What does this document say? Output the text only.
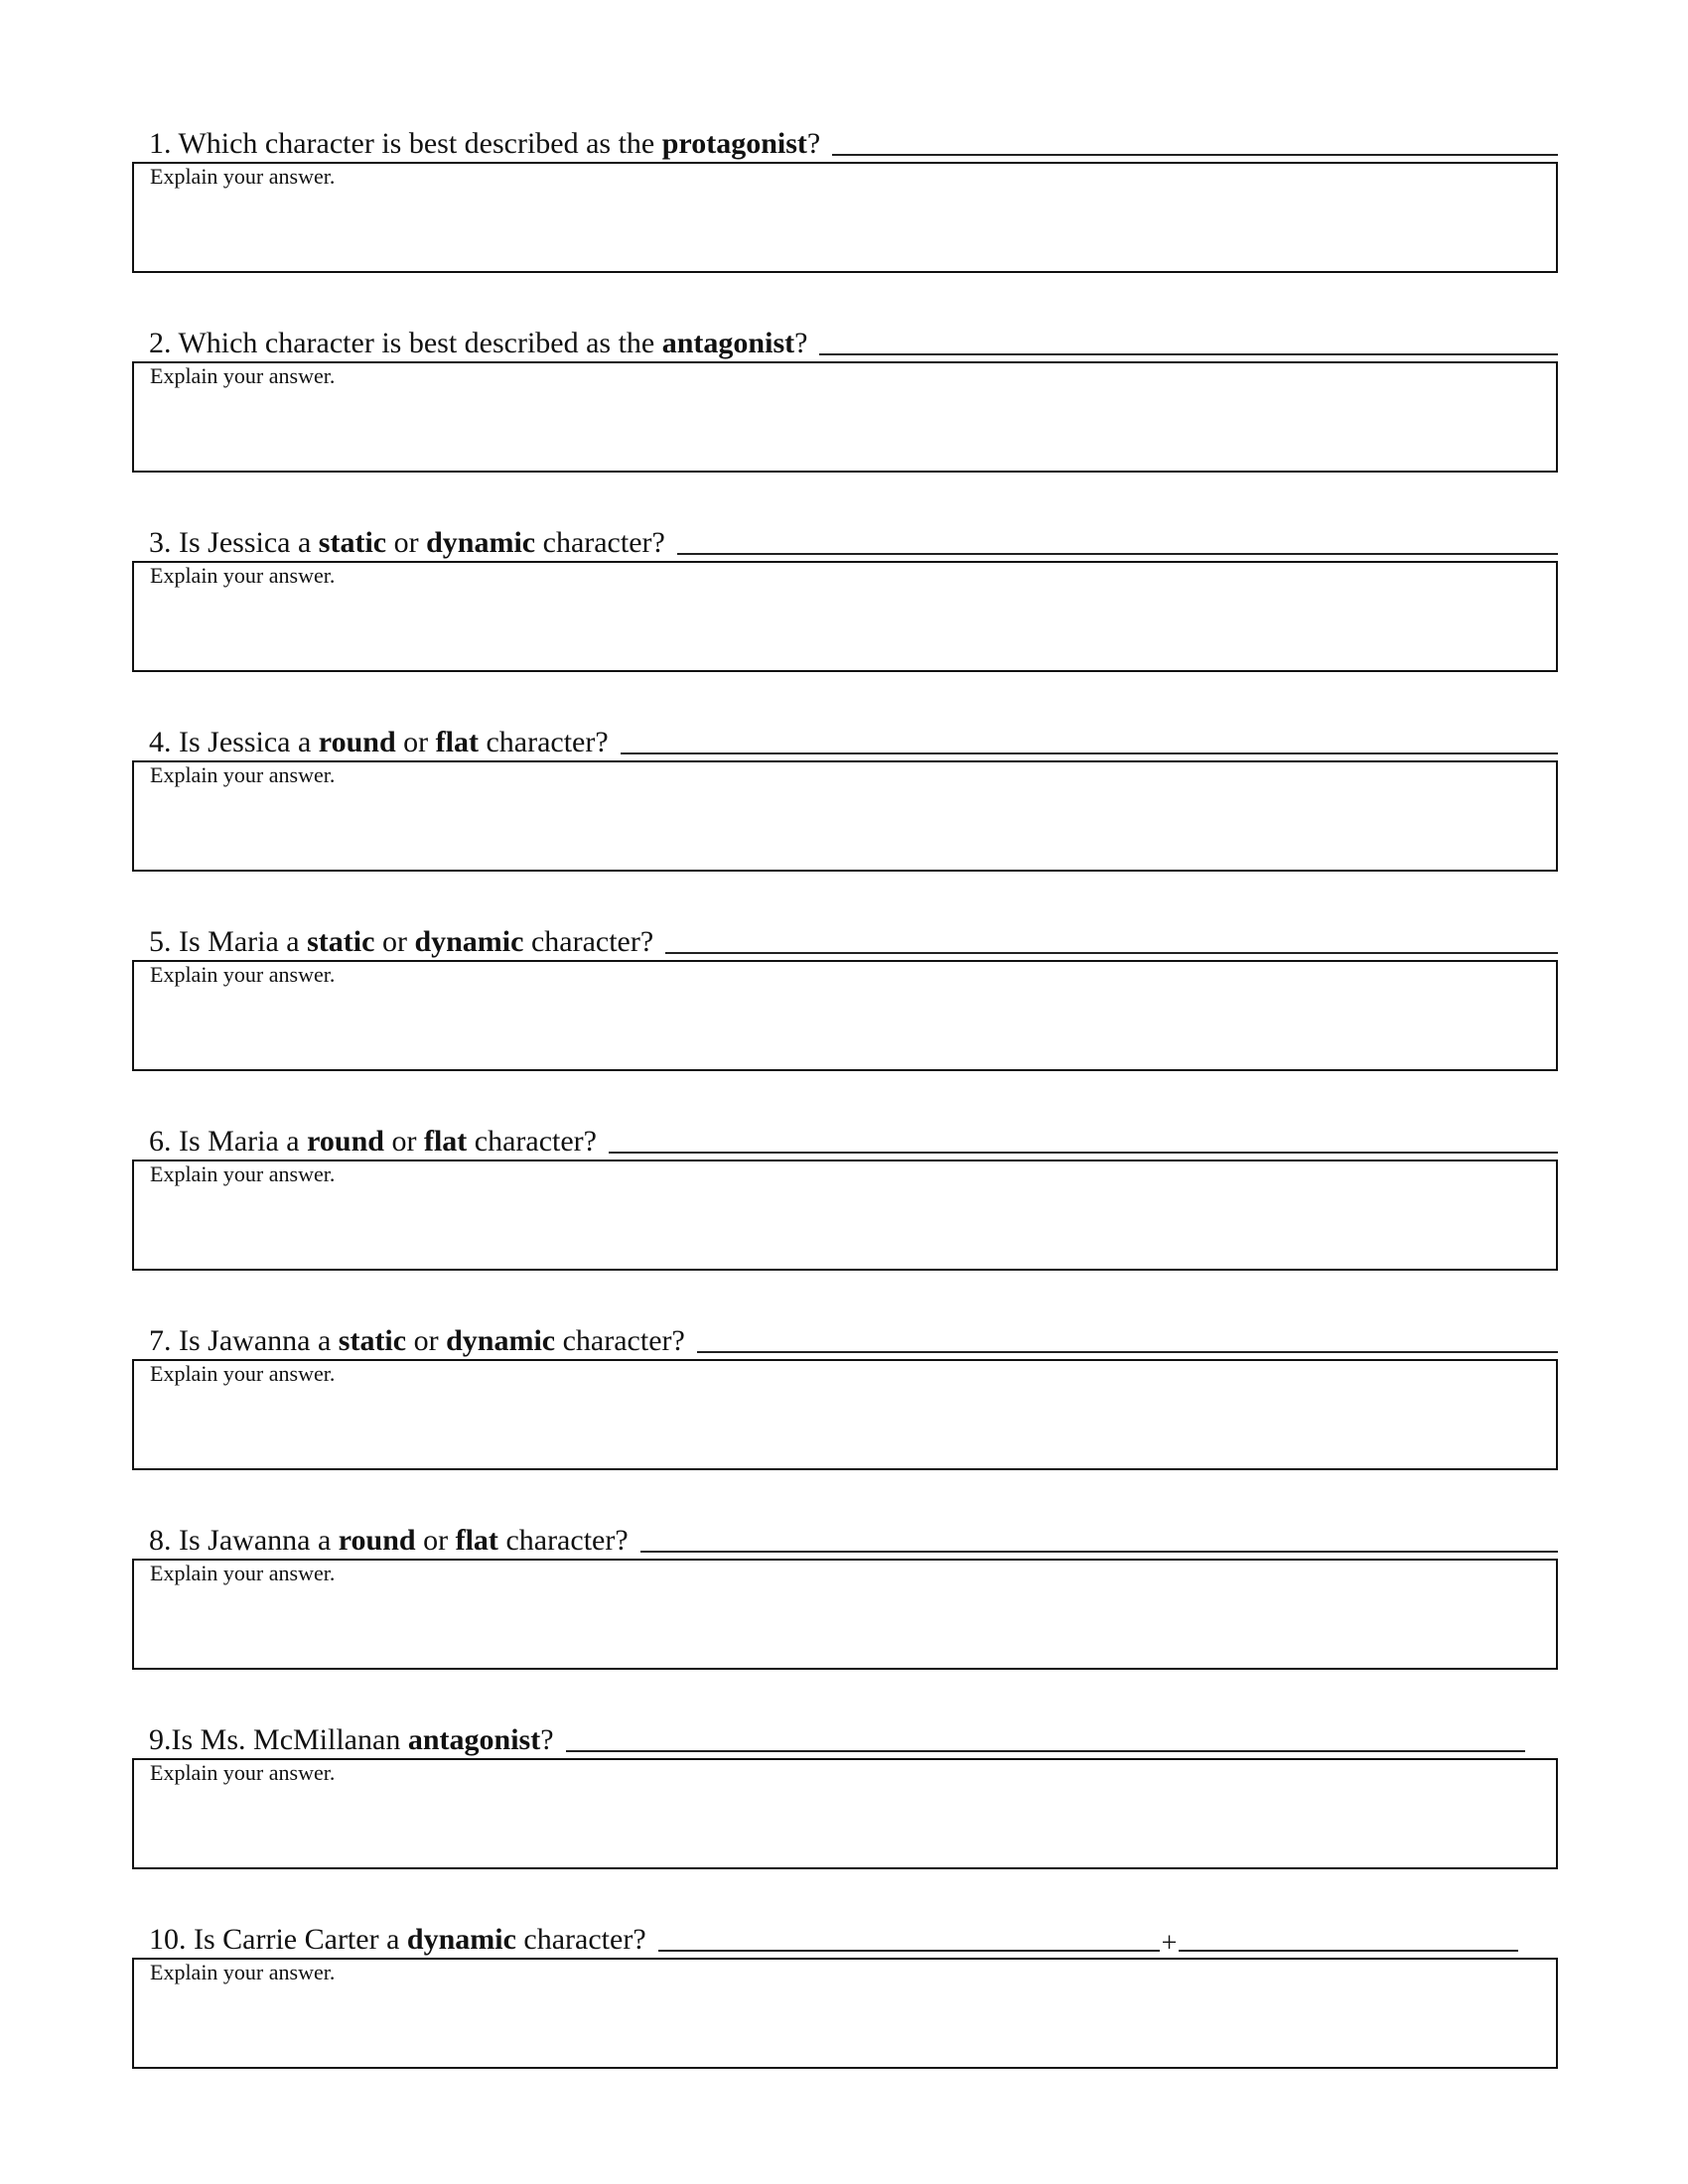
1. Which character is best described as the protagonist?
Explain your answer.
2. Which character is best described as the antagonist?
Explain your answer.
3. Is Jessica a static or dynamic character?
Explain your answer.
4. Is Jessica a round or flat character?
Explain your answer.
5. Is Maria a static or dynamic character?
Explain your answer.
6. Is Maria a round or flat character?
Explain your answer.
7. Is Jawanna a static or dynamic character?
Explain your answer.
8. Is Jawanna a round or flat character?
Explain your answer.
9.Is Ms. McMillanan antagonist?
Explain your answer.
10. Is Carrie Carter a dynamic character?	+
Explain your answer.
